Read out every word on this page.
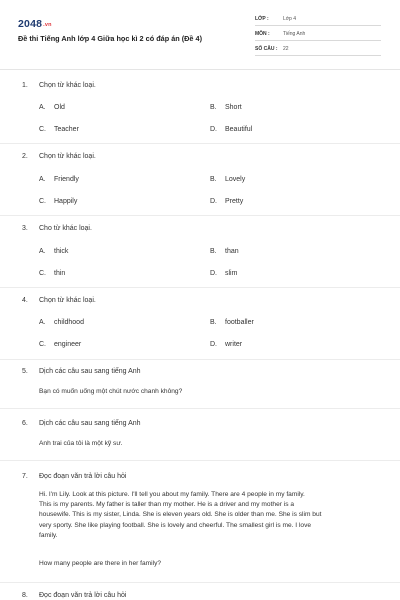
2048.vn
Đề thi Tiếng Anh lớp 4 Giữa học kì 2 có đáp án (Đề 4)
LỚP :	Lớp 4
MÔN :	Tiếng Anh
SỐ CÂU : 22
1. Chọn từ khác loại.
A. Old	B. Short
C. Teacher	D. Beautiful
2. Chọn từ khác loại.
A. Friendly	B. Lovely
C. Happily	D. Pretty
3. Cho từ khác loại.
A. thick	B. than
C. thin	D. slim
4. Chọn từ khác loại.
A. childhood	B. footballer
C. engineer	D. writer
5. Dịch các câu sau sang tiếng Anh
Bạn có muốn uống một chút nước chanh không?
6. Dịch các câu sau sang tiếng Anh
Anh trai của tôi là một kỹ sư.
7. Đọc đoạn văn trả lời câu hỏi
Hi. I'm Lily. Look at this picture. I'll tell you about my family. There are 4 people in my family.
This is my parents. My father is taller than my mother. He is a driver and my mother is a
housewife. This is my sister, Linda. She is eleven years old. She is older than me. She is slim but
very sporty. She like playing football. She is lovely and cheerful. The smallest girl is me. I love
family.
How many people are there in her family?
8. Đọc đoạn văn trả lời câu hỏi
